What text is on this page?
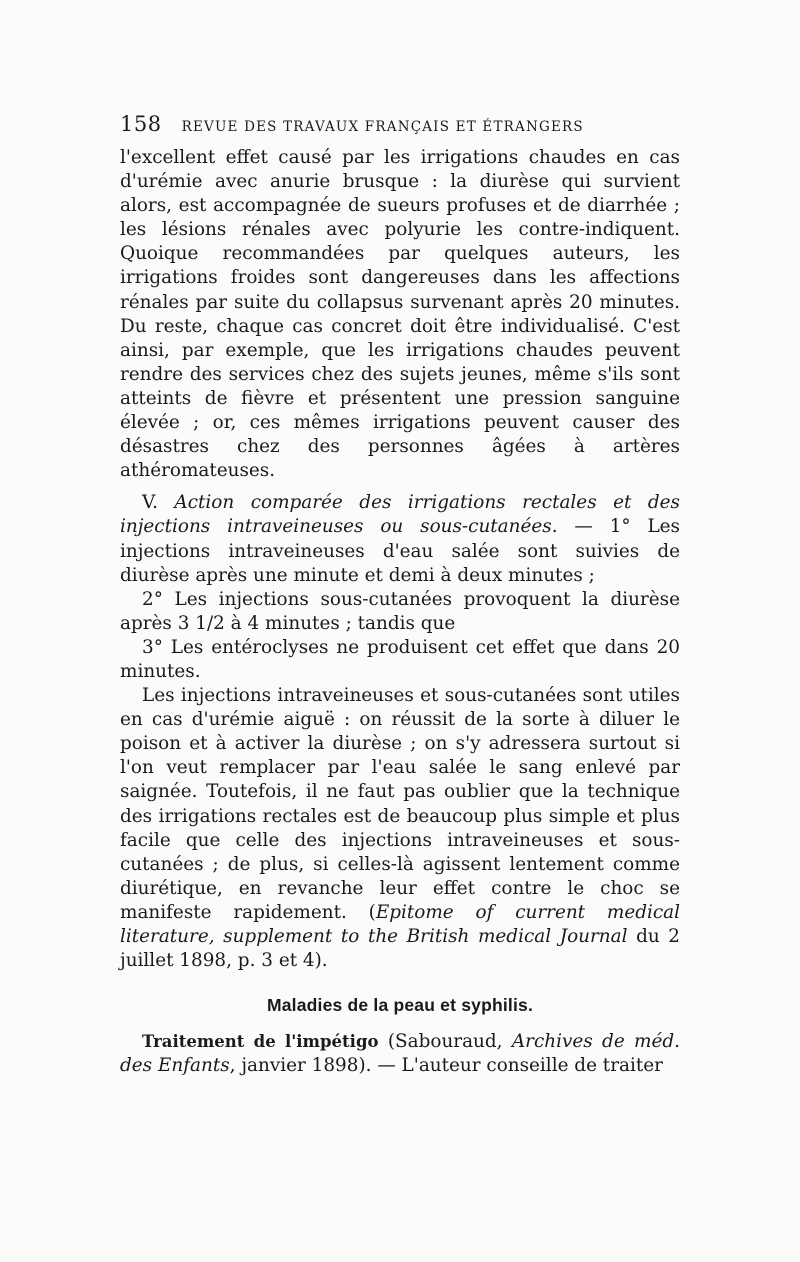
158 REVUE DES TRAVAUX FRANÇAIS ET ÉTRANGERS

l'excellent effet causé par les irrigations chaudes en cas d'urémie avec anurie brusque : la diurèse qui survient alors, est accompagnée de sueurs profuses et de diarrhée ; les lésions rénales avec polyurie les contre-indiquent. Quoique recommandées par quelques auteurs, les irrigations froides sont dangereuses dans les affections rénales par suite du collapsus survenant après 20 minutes. Du reste, chaque cas concret doit être individualisé. C'est ainsi, par exemple, que les irrigations chaudes peuvent rendre des services chez des sujets jeunes, même s'ils sont atteints de fièvre et présentent une pression sanguine élevée ; or, ces mêmes irrigations peuvent causer des désastres chez des personnes âgées à artères athéromateuses.

V. Action comparée des irrigations rectales et des injections intraveineuses ou sous-cutanées. — 1° Les injections intraveineuses d'eau salée sont suivies de diurèse après une minute et demi à deux minutes ;

2° Les injections sous-cutanées provoquent la diurèse après 3 1/2 à 4 minutes ; tandis que

3° Les entéroclyses ne produisent cet effet que dans 20 minutes.

Les injections intraveineuses et sous-cutanées sont utiles en cas d'urémie aiguë : on réussit de la sorte à diluer le poison et à activer la diurèse ; on s'y adressera surtout si l'on veut remplacer par l'eau salée le sang enlevé par saignée. Toutefois, il ne faut pas oublier que la technique des irrigations rectales est de beaucoup plus simple et plus facile que celle des injections intraveineuses et sous-cutanées ; de plus, si celles-là agissent lentement comme diurétique, en revanche leur effet contre le choc se manifeste rapidement. (Epitome of current medical literature, supplement to the British medical Journal du 2 juillet 1898, p. 3 et 4).

Maladies de la peau et syphilis.

Traitement de l'impétigo (Sabouraud, Archives de méd. des Enfants, janvier 1898). — L'auteur conseille de traiter
